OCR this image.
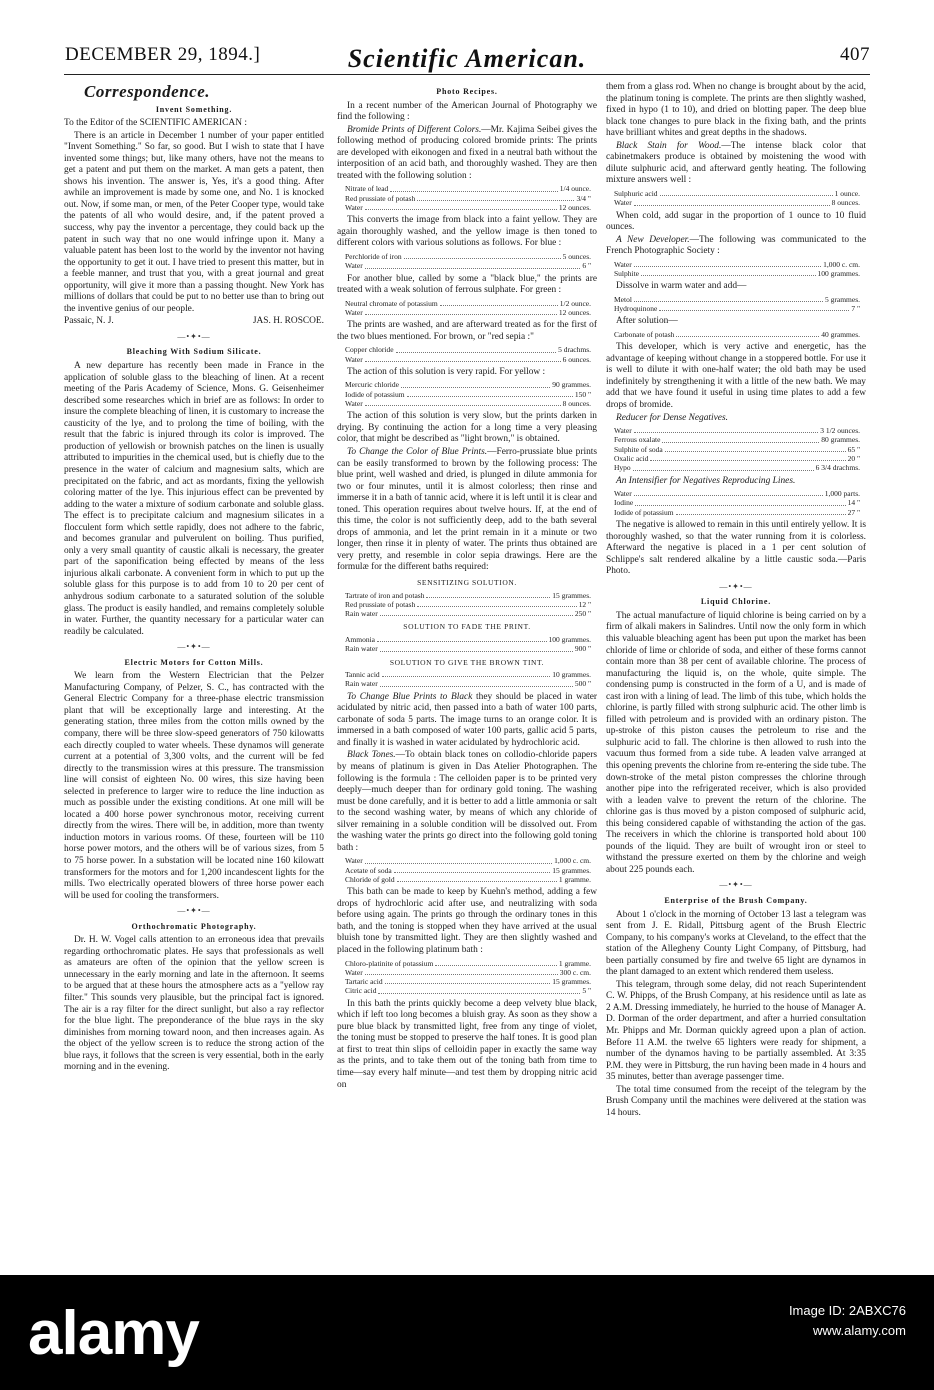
DECEMBER 29, 1894.]	Scientific American.	407
Correspondence.
Invent Something.

To the Editor of the SCIENTIFIC AMERICAN :

There is an article in December 1 number of your paper entitled "Invent Something." So far, so good. But I wish to state that I have invented some things; but, like many others, have not the means to get a patent and put them on the market. A man gets a patent, then shows his invention. The answer is, Yes, it's a good thing. After awhile an improvement is made by some one, and No. 1 is knocked out. Now, if some man, or men, of the Peter Cooper type, would take the patents of all who would desire, and, if the patent proved a success, why pay the inventor a percentage, they could back up the patent in such way that no one would infringe upon it. Many a valuable patent has been lost to the world by the inventor not having the opportunity to get it out. I have tried to present this matter, but in a feeble manner, and trust that you, with a great journal and great opportunity, will give it more than a passing thought. New York has millions of dollars that could be put to no better use than to bring out the inventive genius of our people.

Passaic, N. J.	JAS. H. ROSCOE.
—•✦•—
Bleaching With Sodium Silicate.

A new departure has recently been made in France in the application of soluble glass to the bleaching of linen. At a recent meeting of the Paris Academy of Science, Mons. G. Geisenheimer described some researches which in brief are as follows: In order to insure the complete bleaching of linen, it is customary to increase the causticity of the lye, and to prolong the time of boiling, with the result that the fabric is injured through its color is improved. The production of yellowish or brownish patches on the linen is usually attributed to impurities in the chemical used, but is chiefly due to the presence in the water of calcium and magnesium salts, which are precipitated on the fabric, and act as mordants, fixing the yellowish coloring matter of the lye. This injurious effect can be prevented by adding to the water a mixture of sodium carbonate and soluble glass. The effect is to precipitate calcium and magnesium silicates in a flocculent form which settle rapidly, does not adhere to the fabric, and becomes granular and pulverulent on boiling. Thus purified, only a very small quantity of caustic alkali is necessary, the greater part of the saponification being effected by means of the less injurious alkali carbonate. A convenient form in which to put up the soluble glass for this purpose is to add from 10 to 20 per cent of anhydrous sodium carbonate to a saturated solution of the soluble glass. The product is easily handled, and remains completely soluble in water. Further, the quantity necessary for a particular water can readily be calculated.

—•✦•—
Electric Motors for Cotton Mills.

We learn from the Western Electrician that the Pelzer Manufacturing Company, of Pelzer, S. C., has contracted with the General Electric Company for a three-phase electric transmission plant that will be exceptionally large and interesting. At the generating station, three miles from the cotton mills owned by the company, there will be three slow-speed generators of 750 kilowatts each directly coupled to water wheels. These dynamos will generate current at a potential of 3,300 volts, and the current will be fed directly to the transmission wires at this pressure. The transmission line will consist of eighteen No. 00 wires, this size having been selected in preference to larger wire to reduce the line induction as much as possible under the existing conditions. At one mill will be located a 400 horse power synchronous motor, receiving current directly from the wires. There will be, in addition, more than twenty induction motors in various rooms. Of these, fourteen will be 110 horse power motors, and the others will be of various sizes, from 5 to 75 horse power. In a substation will be located nine 160 kilowatt transformers for the motors and for 1,200 incandescent lights for the mills. Two electrically operated blowers of three horse power each will be used for cooling the transformers.

—•✦•—
Orthochromatic Photography.

Dr. H. W. Vogel calls attention to an erroneous idea that prevails regarding orthochromatic plates. He says that professionals as well as amateurs are often of the opinion that the yellow screen is unnecessary in the early morning and late in the afternoon. It seems to be argued that at these hours the atmosphere acts as a "yellow ray filter." This sounds very plausible, but the principal fact is ignored. The air is a ray filter for the direct sunlight, but also a ray reflector for the blue light. The preponderance of the blue rays in the sky diminishes from morning toward noon, and then increases again. As the object of the yellow screen is to reduce the strong action of the blue rays, it follows that the screen is very essential, both in the early morning and in the evening.

Photo Recipes.

In a recent number of the American Journal of Photography we find the following :

Bromide Prints of Different Colors.—Mr. Kajima Seibei gives the following method of producing colored bromide prints: The prints are developed with eikonogen and fixed in a neutral bath without the interposition of an acid bath, and thoroughly washed. They are then treated with the following solution :

Nitrate of lead	1/4 ounce.
Red prussiate of potash	3/4 "
Water	12 ounces.

This converts the image from black into a faint yellow. They are again thoroughly washed, and the yellow image is then toned to different colors with various solutions as follows. For blue :

Perchloride of iron	5 ounces.
Water	6 "

For another blue, called by some a "black blue," the prints are treated with a weak solution of ferrous sulphate. For green :

Neutral chromate of potassium	1/2 ounce.
Water	12 ounces.

The prints are washed, and are afterward treated as for the first of the two blues mentioned. For brown, or "red sepia :"

Copper chloride	5 drachms.
Water	6 ounces.

The action of this solution is very rapid. For yellow :

Mercuric chloride	90 grammes.
Iodide of potassium	150 "
Water	8 ounces.

The action of this solution is very slow, but the prints darken in drying. By continuing the action for a long time a very pleasing color, that might be described as "light brown," is obtained.

To Change the Color of Blue Prints.—Ferro-prussiate blue prints can be easily transformed to brown by the following process: The blue print, well washed and dried, is plunged in dilute ammonia for two or four minutes, until it is almost colorless; then rinse and immerse it in a bath of tannic acid, where it is left until it is clear and toned. This operation requires about twelve hours. If, at the end of this time, the color is not sufficiently deep, add to the bath several drops of ammonia, and let the print remain in it a minute or two longer, then rinse it in plenty of water. The prints thus obtained are very pretty, and resemble in color sepia drawings. Here are the formulæ for the different baths required:

SENSITIZING SOLUTION.
Tartrate of iron and potash	15 grammes.
Red prussiate of potash	12 "
Rain water	250 "
SOLUTION TO FADE THE PRINT.
Ammonia	100 grammes.
Rain water	900 "
SOLUTION TO GIVE THE BROWN TINT.
Tannic acid	10 grammes.
Rain water	500 "

To Change Blue Prints to Black they should be placed in water acidulated by nitric acid, then passed into a bath of water 100 parts, carbonate of soda 5 parts. The image turns to an orange color. It is immersed in a bath composed of water 100 parts, gallic acid 5 parts, and finally it is washed in water acidulated by hydrochloric acid.

Black Tones.—To obtain black tones on collodio-chloride papers by means of platinum is given in Das Atelier Photographen. The following is the formula : The celloiden paper is to be printed very deeply—much deeper than for ordinary gold toning. The washing must be done carefully, and it is better to add a little ammonia or salt to the second washing water, by means of which any chloride of silver remaining in a soluble condition will be dissolved out. From the washing water the prints go direct into the following gold toning bath :

Water	1,000 c. cm.
Acetate of soda	15 grammes.
Chloride of gold	1 gramme.

This bath can be made to keep by Kuehn's method, adding a few drops of hydrochloric acid after use, and neutralizing with soda before using again. The prints go through the ordinary tones in this bath, and the toning is stopped when they have arrived at the usual bluish tone by transmitted light. They are then slightly washed and placed in the following platinum bath :

Chloro-platinite of potassium	1 gramme.
Water	300 c. cm.
Tartaric acid	15 grammes.
Citric acid	5 "

In this bath the prints quickly become a deep velvety blue black, which if left too long becomes a bluish gray. As soon as they show a pure blue black by transmitted light, free from any tinge of violet, the toning must be stopped to preserve the half tones. It is good plan at first to treat thin slips of celloidin paper in exactly the same way as the prints, and to take them out of the toning bath from time to time—say every half minute—and test them by dropping nitric acid on

them from a glass rod. When no change is brought about by the acid, the platinum toning is complete. The prints are then slightly washed, fixed in hypo (1 to 10), and dried on blotting paper. The deep blue black tone changes to pure black in the fixing bath, and the prints have brilliant whites and great depths in the shadows.

Black Stain for Wood.—The intense black color that cabinetmakers produce is obtained by moistening the wood with dilute sulphuric acid, and afterward gently heating. The following mixture answers well :

Sulphuric acid	1 ounce.
Water	8 ounces.

When cold, add sugar in the proportion of 1 ounce to 10 fluid ounces.

A New Developer.—The following was communicated to the French Photographic Society :

Water	1,000 c. cm.
Sulphite	100 grammes.

Dissolve in warm water and add—

Metol	5 grammes.
Hydroquinone	7 "

After solution—

Carbonate of potash	40 grammes.

This developer, which is very active and energetic, has the advantage of keeping without change in a stoppered bottle. For use it is well to dilute it with one-half water; the old bath may be used indefinitely by strengthening it with a little of the new bath. We may add that we have found it useful in using time plates to add a few drops of bromide.

Reducer for Dense Negatives.

Water	3 1/2 ounces.
Ferrous oxalate	80 grammes.
Sulphite of soda	65 "
Oxalic acid	20 "
Hypo	6 3/4 drachms.

An Intensifier for Negatives Reproducing Lines.

Water	1,000 parts.
Iodine	14 "
Iodide of potassium	27 "

The negative is allowed to remain in this until entirely yellow. It is thoroughly washed, so that the water running from it is colorless. Afterward the negative is placed in a 1 per cent solution of Schlippe's salt rendered alkaline by a little caustic soda.—Paris Photo.

—•✦•—
Liquid Chlorine.

The actual manufacture of liquid chlorine is being carried on by a firm of alkali makers in Salindres. Until now the only form in which this valuable bleaching agent has been put upon the market has been chloride of lime or chloride of soda, and either of these forms cannot contain more than 38 per cent of available chlorine. The process of manufacturing the liquid is, on the whole, quite simple. The condensing pump is constructed in the form of a U, and is made of cast iron with a lining of lead. The limb of this tube, which holds the chlorine, is partly filled with strong sulphuric acid. The other limb is filled with petroleum and is provided with an ordinary piston. The up-stroke of this piston causes the petroleum to rise and the sulphuric acid to fall. The chlorine is then allowed to rush into the vacuum thus formed from a side tube. A leaden valve arranged at this opening prevents the chlorine from re-entering the side tube. The down-stroke of the metal piston compresses the chlorine through another pipe into the refrigerated receiver, which is also provided with a leaden valve to prevent the return of the chlorine. The chlorine gas is thus moved by a piston composed of sulphuric acid, this being considered capable of withstanding the action of the gas. The receivers in which the chlorine is transported hold about 100 pounds of the liquid. They are built of wrought iron or steel to withstand the pressure exerted on them by the chlorine and weigh about 225 pounds each.

—•✦•—
Enterprise of the Brush Company.

About 1 o'clock in the morning of October 13 last a telegram was sent from J. E. Ridall, Pittsburg agent of the Brush Electric Company, to his company's works at Cleveland, to the effect that the station of the Allegheny County Light Company, of Pittsburg, had been partially consumed by fire and twelve 65 light are dynamos in the plant damaged to an extent which rendered them useless.

This telegram, through some delay, did not reach Superintendent C. W. Phipps, of the Brush Company, at his residence until as late as 2 A.M. Dressing immediately, he hurried to the house of Manager A. D. Dorman of the order department, and after a hurried consultation Mr. Phipps and Mr. Dorman quickly agreed upon a plan of action. Before 11 A.M. the twelve 65 lighters were ready for shipment, a number of the dynamos having to be partially assembled. At 3:35 P.M. they were in Pittsburg, the run having been made in 4 hours and 35 minutes, better than average passenger time.

The total time consumed from the receipt of the telegram by the Brush Company until the machines were delivered at the station was 14 hours.

alamy	Image ID: 2ABXC76
www.alamy.com
